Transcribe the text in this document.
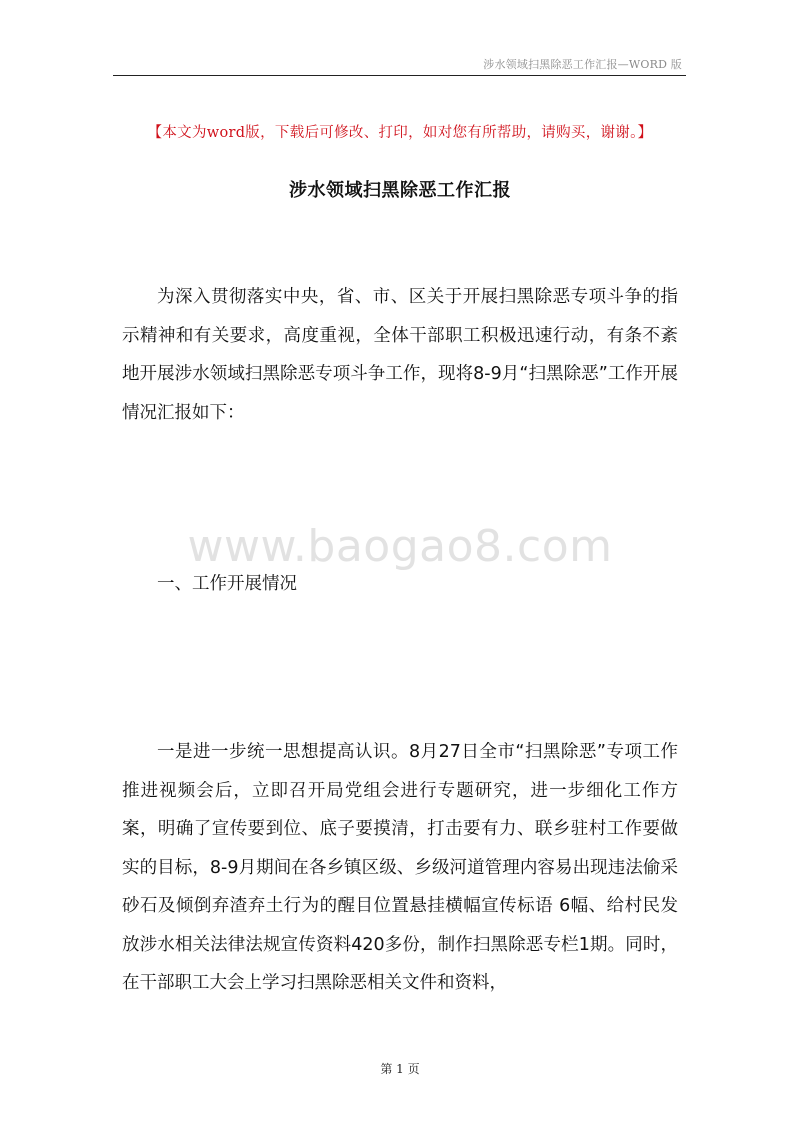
涉水领域扫黑除恶工作汇报—WORD 版
【本文为word版，下载后可修改、打印，如对您有所帮助，请购买，谢谢。】
涉水领域扫黑除恶工作汇报

为深入贯彻落实中央，省、市、区关于开展扫黑除恶专项斗争的指示精神和有关要求，高度重视，全体干部职工积极迅速行动，有条不紊地开展涉水领域扫黑除恶专项斗争工作，现将8-9月“扫黑除恶”工作开展情况汇报如下：

www.baogao8.com
一、工作开展情况

一是进一步统一思想提高认识。8月27日全市“扫黑除恶”专项工作推进视频会后，立即召开局党组会进行专题研究，进一步细化工作方案，明确了宣传要到位、底子要摸清，打击要有力、联乡驻村工作要做实的目标，8-9月期间在各乡镇区级、乡级河道管理内容易出现违法偷采砂石及倾倒弃渣弃土行为的醒目位置悬挂横幅宣传标语 6幅、给村民发放涉水相关法律法规宣传资料420多份，制作扫黑除恶专栏1期。同时，在干部职工大会上学习扫黑除恶相关文件和资料，

第 1 页
